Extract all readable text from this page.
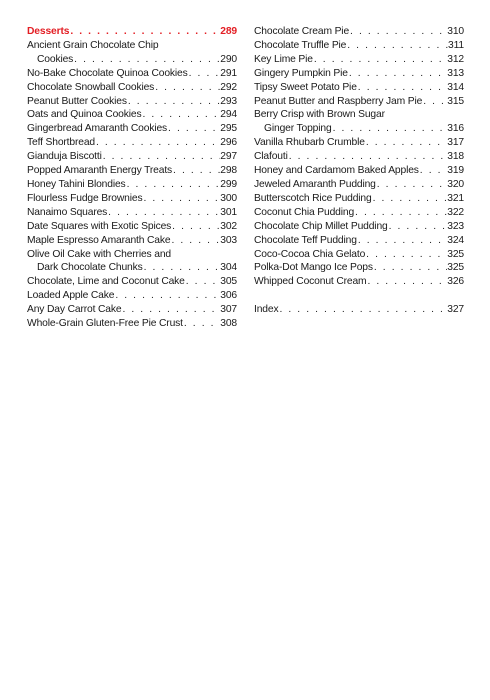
Desserts . . .	289
Ancient Grain Chocolate Chip
Cookies . . .	290
No-Bake Chocolate Quinoa Cookies . . .	291
Chocolate Snowball Cookies . . .	292
Peanut Butter Cookies . . .	293
Oats and Quinoa Cookies . . .	294
Gingerbread Amaranth Cookies . . .	295
Teff Shortbread . . .	296
Gianduja Biscotti . . .	297
Popped Amaranth Energy Treats . . .	298
Honey Tahini Blondies . . .	299
Flourless Fudge Brownies . . .	300
Nanaimo Squares . . .	301
Date Squares with Exotic Spices . . .	302
Maple Espresso Amaranth Cake . . .	303
Olive Oil Cake with Cherries and
Dark Chocolate Chunks . . .	304
Chocolate, Lime and Coconut Cake . . .	305
Loaded Apple Cake . . .	306
Any Day Carrot Cake . . .	307
Whole-Grain Gluten-Free Pie Crust . . .	308
Chocolate Cream Pie . . .	310
Chocolate Truffle Pie . . .	311
Key Lime Pie . . .	312
Gingery Pumpkin Pie . . .	313
Tipsy Sweet Potato Pie . . .	314
Peanut Butter and Raspberry Jam Pie . . . 315
Berry Crisp with Brown Sugar
Ginger Topping . . .	316
Vanilla Rhubarb Crumble . . .	317
Clafouti . . .	318
Honey and Cardamom Baked Apples . . .	319
Jeweled Amaranth Pudding . . .	320
Butterscotch Rice Pudding . . .	321
Coconut Chia Pudding . . .	322
Chocolate Chip Millet Pudding . . .	323
Chocolate Teff Pudding . . .	324
Coco-Cocoa Chia Gelato . . .	325
Polka-Dot Mango Ice Pops . . .	325
Whipped Coconut Cream . . .	326
Index . . .	327
